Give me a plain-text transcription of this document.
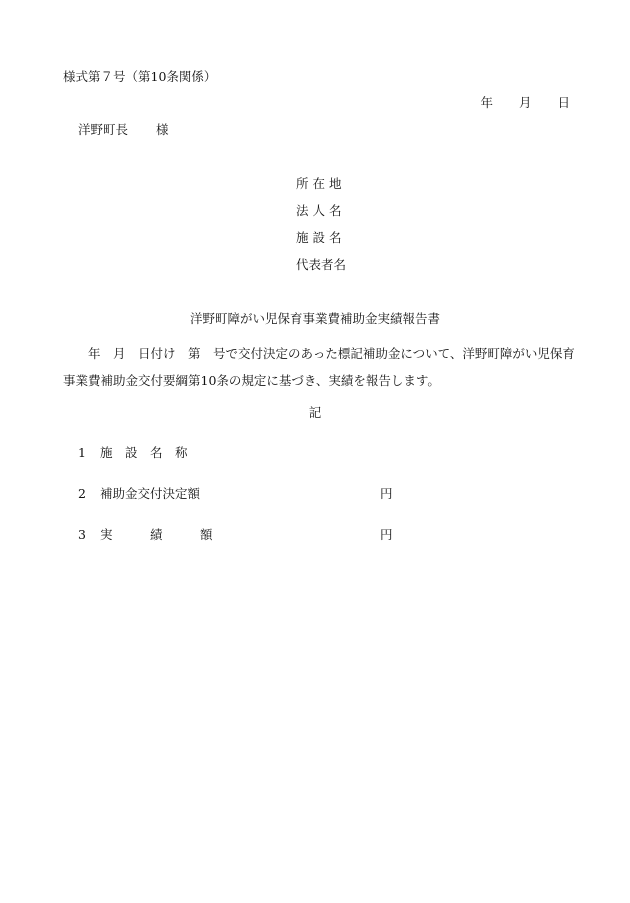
様式第７号（第10条関係）
年 月 日
洋野町長 様
所 在 地
法 人 名
施 設 名
代表者名
洋野町障がい児保育事業費補助金実績報告書
　　年　月　日付け　第　号で交付決定のあった標記補助金について、洋野町障がい児保育事業費補助金交付要綱第10条の規定に基づき、実績を報告します。
記
1 施　設　名　称
2 補助金交付決定額	円
3 実　　　績　　　額	円
